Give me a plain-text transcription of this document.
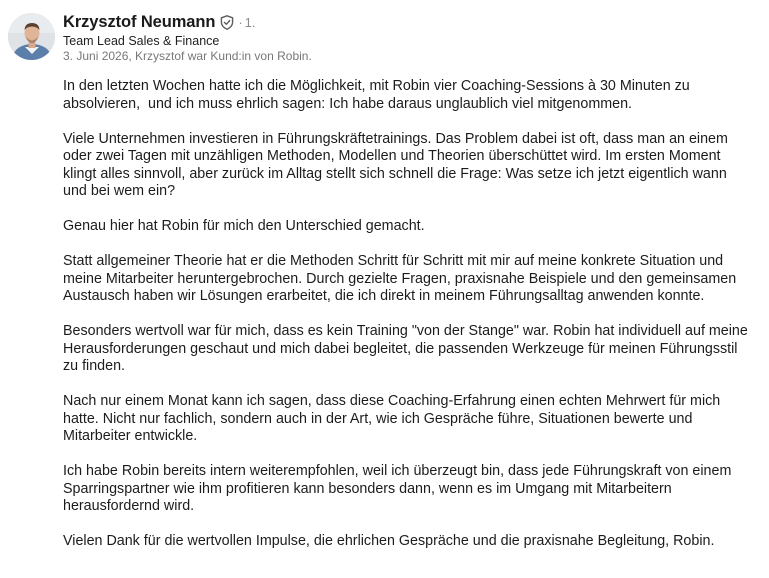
Krzysztof Neumann · 1.
Team Lead Sales & Finance
3. Juni 2026, Krzysztof war Kund:in von Robin.

In den letzten Wochen hatte ich die Möglichkeit, mit Robin vier Coaching-Sessions à 30 Minuten zu absolvieren,  und ich muss ehrlich sagen: Ich habe daraus unglaublich viel mitgenommen.

Viele Unternehmen investieren in Führungskräftetrainings. Das Problem dabei ist oft, dass man an einem oder zwei Tagen mit unzähligen Methoden, Modellen und Theorien überschüttet wird. Im ersten Moment klingt alles sinnvoll, aber zurück im Alltag stellt sich schnell die Frage: Was setze ich jetzt eigentlich wann und bei wem ein?

Genau hier hat Robin für mich den Unterschied gemacht.

Statt allgemeiner Theorie hat er die Methoden Schritt für Schritt mit mir auf meine konkrete Situation und meine Mitarbeiter heruntergebrochen. Durch gezielte Fragen, praxisnahe Beispiele und den gemeinsamen Austausch haben wir Lösungen erarbeitet, die ich direkt in meinem Führungsalltag anwenden konnte.

Besonders wertvoll war für mich, dass es kein Training "von der Stange" war. Robin hat individuell auf meine Herausforderungen geschaut und mich dabei begleitet, die passenden Werkzeuge für meinen Führungsstil zu finden.

Nach nur einem Monat kann ich sagen, dass diese Coaching-Erfahrung einen echten Mehrwert für mich hatte. Nicht nur fachlich, sondern auch in der Art, wie ich Gespräche führe, Situationen bewerte und Mitarbeiter entwickle.

Ich habe Robin bereits intern weiterempfohlen, weil ich überzeugt bin, dass jede Führungskraft von einem Sparringspartner wie ihm profitieren kann besonders dann, wenn es im Umgang mit Mitarbeitern herausfordernd wird.

Vielen Dank für die wertvollen Impulse, die ehrlichen Gespräche und die praxisnahe Begleitung, Robin.
